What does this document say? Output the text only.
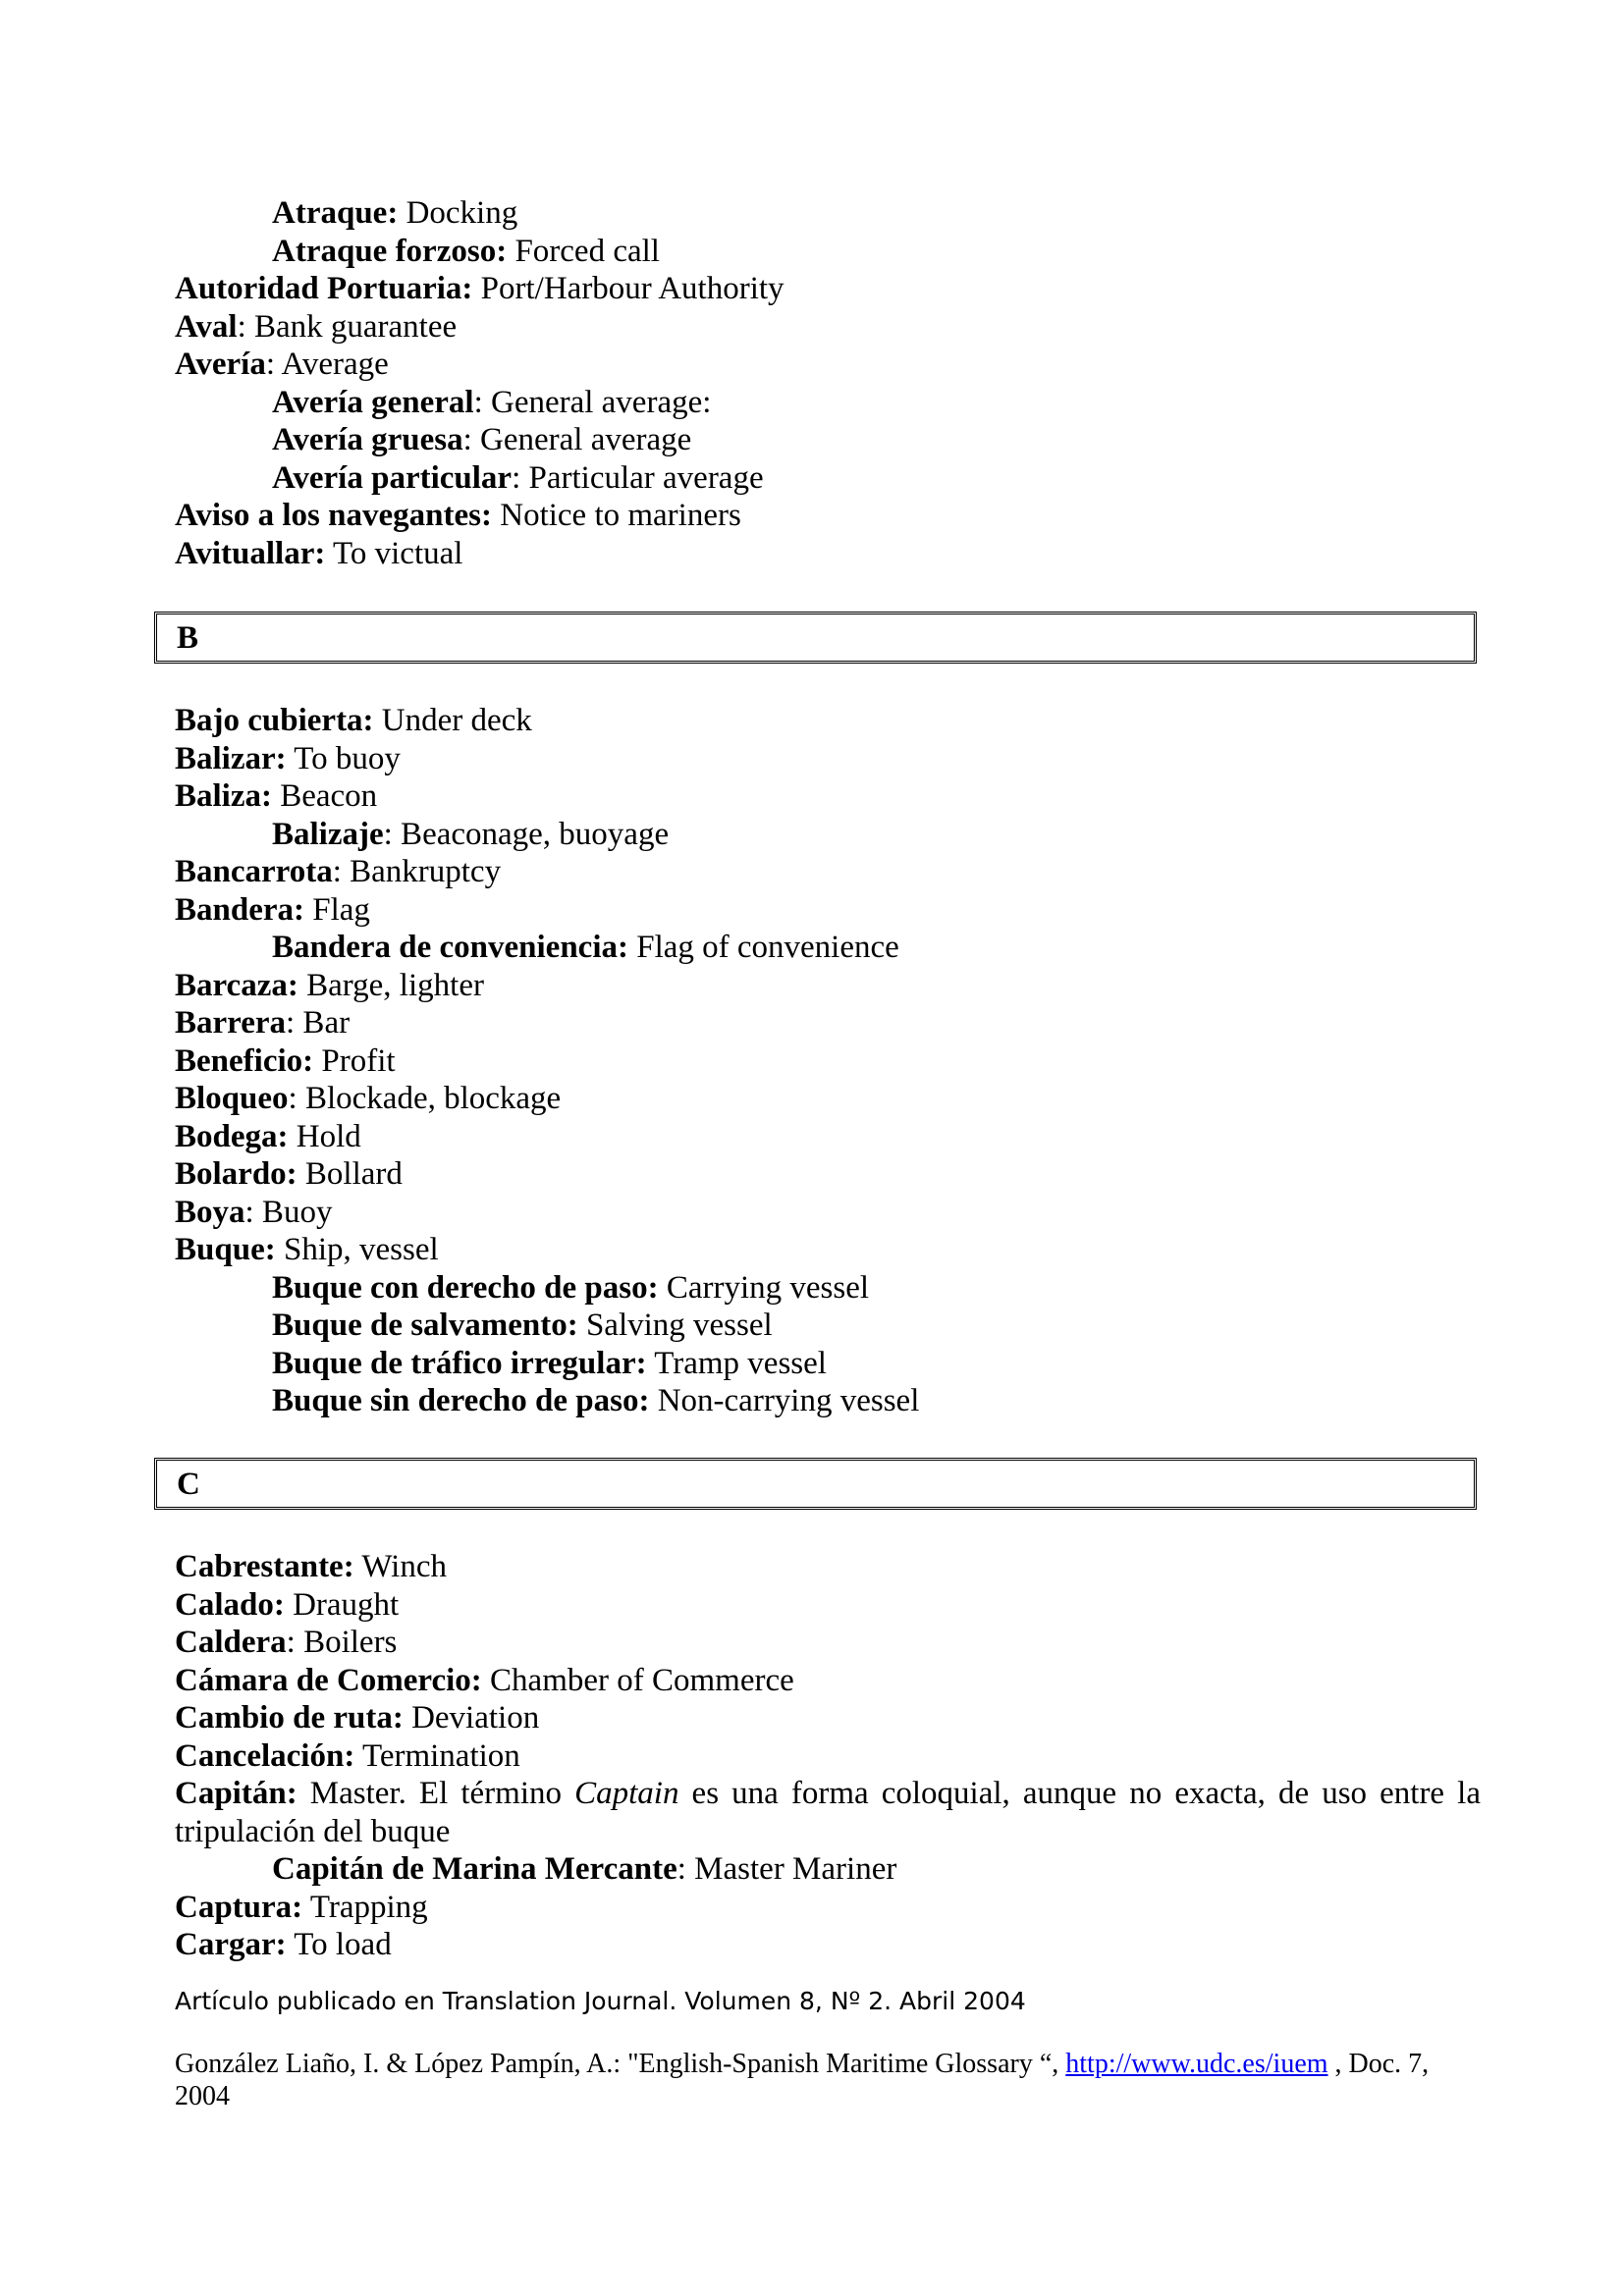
Atraque: Docking
Atraque forzoso: Forced call
Autoridad Portuaria: Port/Harbour Authority
Aval: Bank guarantee
Avería: Average
Avería general: General average:
Avería gruesa: General average
Avería particular: Particular average
Aviso a los navegantes: Notice to mariners
Avituallar: To victual
B
Bajo cubierta: Under deck
Balizar: To buoy
Baliza: Beacon
Balizaje: Beaconage, buoyage
Bancarrota: Bankruptcy
Bandera: Flag
Bandera de conveniencia: Flag of convenience
Barcaza: Barge, lighter
Barrera: Bar
Beneficio: Profit
Bloqueo: Blockade, blockage
Bodega: Hold
Bolardo: Bollard
Boya: Buoy
Buque: Ship, vessel
Buque con derecho de paso: Carrying vessel
Buque de salvamento: Salving vessel
Buque de tráfico irregular: Tramp vessel
Buque sin derecho de paso: Non-carrying vessel
C
Cabrestante: Winch
Calado: Draught
Caldera: Boilers
Cámara de Comercio: Chamber of Commerce
Cambio de ruta: Deviation
Cancelación: Termination
Capitán: Master. El término Captain es una forma coloquial, aunque no exacta, de uso entre la tripulación del buque
Capitán de Marina Mercante: Master Mariner
Captura: Trapping
Cargar: To load
Artículo publicado en Translation Journal. Volumen 8, Nº 2. Abril 2004
González Liaño, I. & López Pampín, A.: "English-Spanish Maritime Glossary “, http://www.udc.es/iuem , Doc. 7, 2004
